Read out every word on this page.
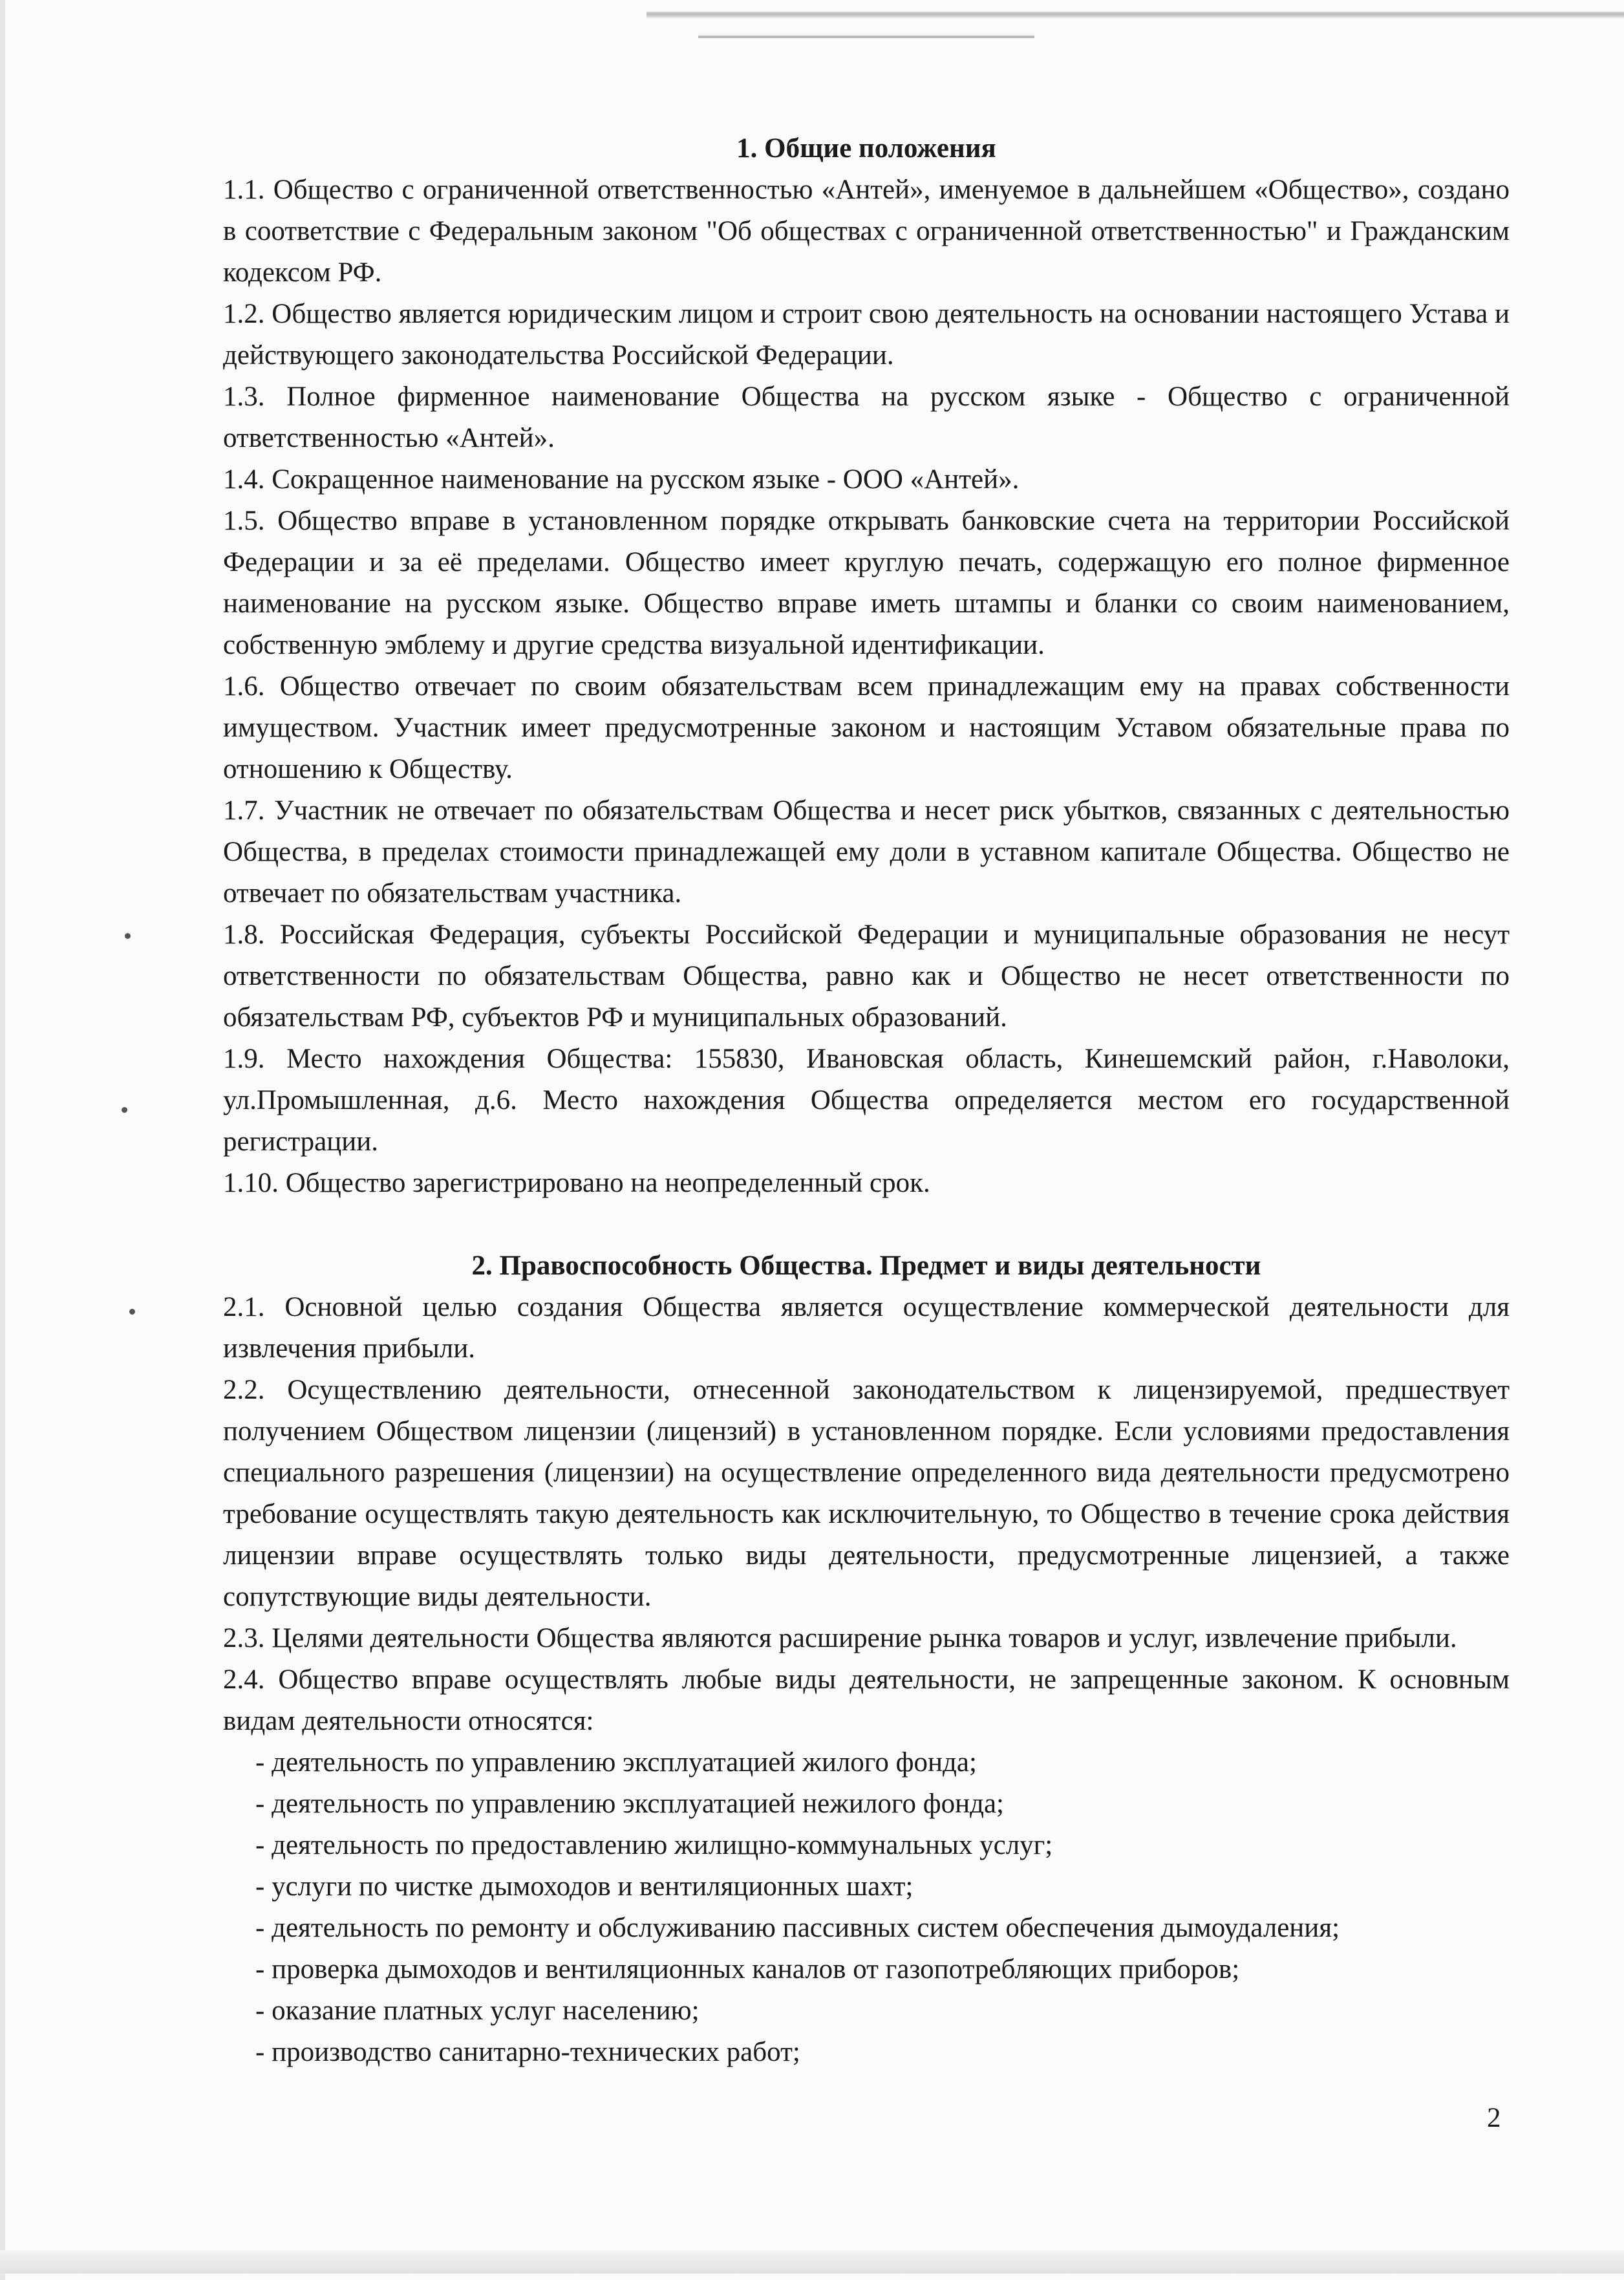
1. Общие положения

1.1. Общество с ограниченной ответственностью «Антей», именуемое в дальнейшем «Общество», создано в соответствие с Федеральным законом "Об обществах с ограниченной ответственностью" и Гражданским кодексом РФ.

1.2. Общество является юридическим лицом и строит свою деятельность на основании настоящего Устава и действующего законодательства Российской Федерации.

1.3. Полное фирменное наименование Общества на русском языке - Общество с ограниченной ответственностью «Антей».

1.4. Сокращенное наименование на русском языке - ООО «Антей».

1.5. Общество вправе в установленном порядке открывать банковские счета на территории Российской Федерации и за её пределами. Общество имеет круглую печать, содержащую его полное фирменное наименование на русском языке. Общество вправе иметь штампы и бланки со своим наименованием, собственную эмблему и другие средства визуальной идентификации.

1.6. Общество отвечает по своим обязательствам всем принадлежащим ему на правах собственности имуществом. Участник имеет предусмотренные законом и настоящим Уставом обязательные права по отношению к Обществу.

1.7. Участник не отвечает по обязательствам Общества и несет риск убытков, связанных с деятельностью Общества, в пределах стоимости принадлежащей ему доли в уставном капитале Общества. Общество не отвечает по обязательствам участника.

1.8. Российская Федерация, субъекты Российской Федерации и муниципальные образования не несут ответственности по обязательствам Общества, равно как и Общество не несет ответственности по обязательствам РФ, субъектов РФ и муниципальных образований.

1.9. Место нахождения Общества: 155830, Ивановская область, Кинешемский район, г.Наволоки, ул.Промышленная, д.6. Место нахождения Общества определяется местом его государственной регистрации.

1.10. Общество зарегистрировано на неопределенный срок.

2. Правоспособность Общества. Предмет и виды деятельности

2.1. Основной целью создания Общества является осуществление коммерческой деятельности для извлечения прибыли.

2.2. Осуществлению деятельности, отнесенной законодательством к лицензируемой, предшествует получением Обществом лицензии (лицензий) в установленном порядке. Если условиями предоставления специального разрешения (лицензии) на осуществление определенного вида деятельности предусмотрено требование осуществлять такую деятельность как исключительную, то Общество в течение срока действия лицензии вправе осуществлять только виды деятельности, предусмотренные лицензией, а также сопутствующие виды деятельности.

2.3. Целями деятельности Общества являются расширение рынка товаров и услуг, извлечение прибыли.

2.4. Общество вправе осуществлять любые виды деятельности, не запрещенные законом. К основным видам деятельности относятся:

- деятельность по управлению эксплуатацией жилого фонда;
- деятельность по управлению эксплуатацией нежилого фонда;
- деятельность по предоставлению жилищно-коммунальных услуг;
- услуги по чистке дымоходов и вентиляционных шахт;
- деятельность по ремонту и обслуживанию пассивных систем обеспечения дымоудаления;
- проверка дымоходов и вентиляционных каналов от газопотребляющих приборов;
- оказание платных услуг населению;
- производство санитарно-технических работ;
2
